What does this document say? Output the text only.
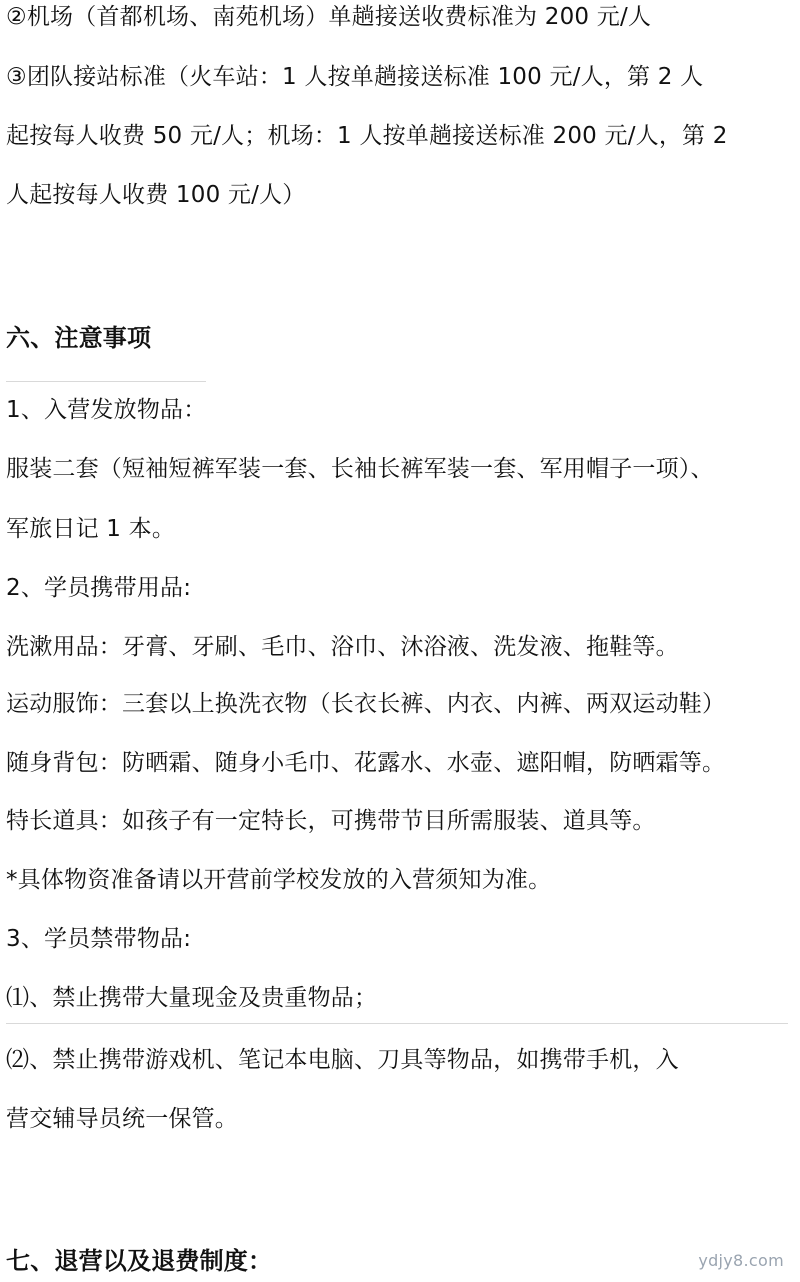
②机场（首都机场、南苑机场）单趟接送收费标准为 200 元/人
③团队接站标准（火车站：1 人按单趟接送标准 100 元/人，第 2 人
起按每人收费 50 元/人；机场：1 人按单趟接送标准 200 元/人，第 2
人起按每人收费 100 元/人）
六、注意事项
1、入营发放物品：
服装二套（短袖短裤军装一套、长袖长裤军装一套、军用帽子一项）、
军旅日记 1 本。
2、学员携带用品:
洗漱用品：牙膏、牙刷、毛巾、浴巾、沐浴液、洗发液、拖鞋等。
运动服饰：三套以上换洗衣物（长衣长裤、内衣、内裤、两双运动鞋）
随身背包：防晒霜、随身小毛巾、花露水、水壶、遮阳帽，防晒霜等。
特长道具：如孩子有一定特长，可携带节目所需服装、道具等。
*具体物资准备请以开营前学校发放的入营须知为准。
3、学员禁带物品:
⑴、禁止携带大量现金及贵重物品；
⑵、禁止携带游戏机、笔记本电脑、刀具等物品，如携带手机，入
营交辅导员统一保管。
七、退营以及退费制度：	ydjy8.com
